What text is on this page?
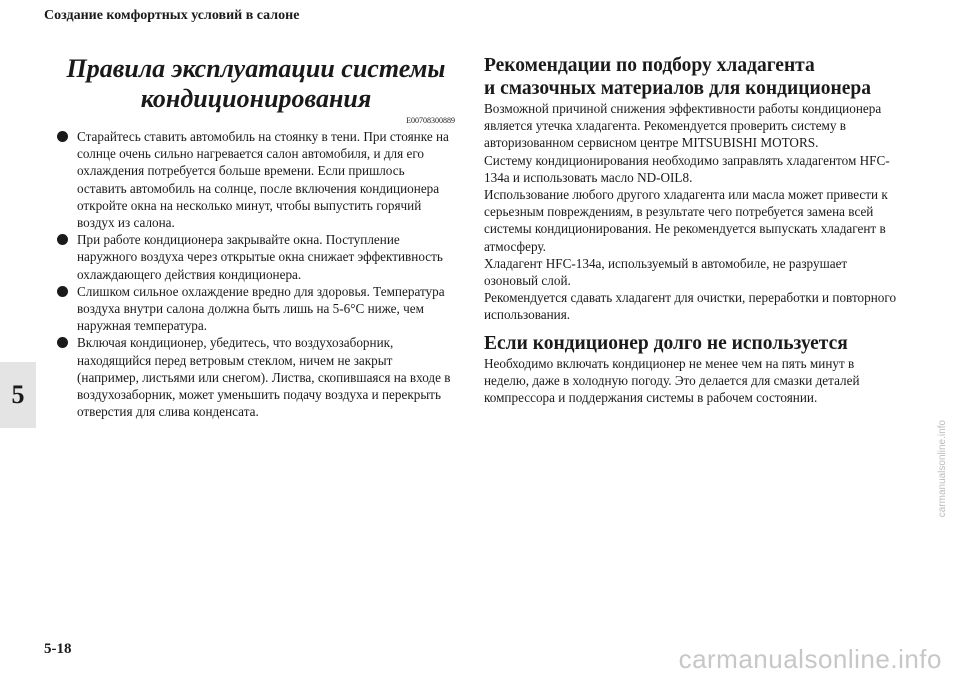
Создание комфортных условий в салоне
5
Правила эксплуатации системы
кондиционирования
E00708300889
Старайтесь ставить автомобиль на стоянку в тени. При стоянке на солнце очень сильно нагревается салон автомобиля, и для его охлаждения потребуется больше времени. Если пришлось оставить автомобиль на солнце, после включения кондиционера откройте окна на несколько минут, чтобы выпустить горячий воздух из салона.
При работе кондиционера закрывайте окна. Поступление наружного воздуха через открытые окна снижает эффективность охлаждающего действия кондиционера.
Слишком сильное охлаждение вредно для здоровья. Температура воздуха внутри салона должна быть лишь на 5-6°C ниже, чем наружная температура.
Включая кондиционер, убедитесь, что воздухозаборник, находящийся перед ветровым стеклом, ничем не закрыт (например, листьями или снегом). Листва, скопившаяся на входе в воздухозаборник, может уменьшить подачу воздуха и перекрыть отверстия для слива конденсата.
Рекомендации по подбору хладагента
и смазочных материалов для кондиционера
Возможной причиной снижения эффективности работы кондиционера является утечка хладагента. Рекомендуется проверить систему в авторизованном сервисном центре MITSUBISHI MOTORS.
Систему кондиционирования необходимо заправлять хладагентом HFC-134a и использовать масло ND-OIL8.
Использование любого другого хладагента или масла может привести к серьезным повреждениям, в результате чего потребуется замена всей системы кондиционирования. Не рекомендуется выпускать хладагент в атмосферу.
Хладагент HFC-134a, используемый в автомобиле, не разрушает озоновый слой.
Рекомендуется сдавать хладагент для очистки, переработки и повторного использования.
Если кондиционер долго не используется
Необходимо включать кондиционер не менее чем на пять минут в неделю, даже в холодную погоду. Это делается для смазки деталей компрессора и поддержания системы в рабочем состоянии.
5-18
carmanualsonline.info
carmanualsonline.info
